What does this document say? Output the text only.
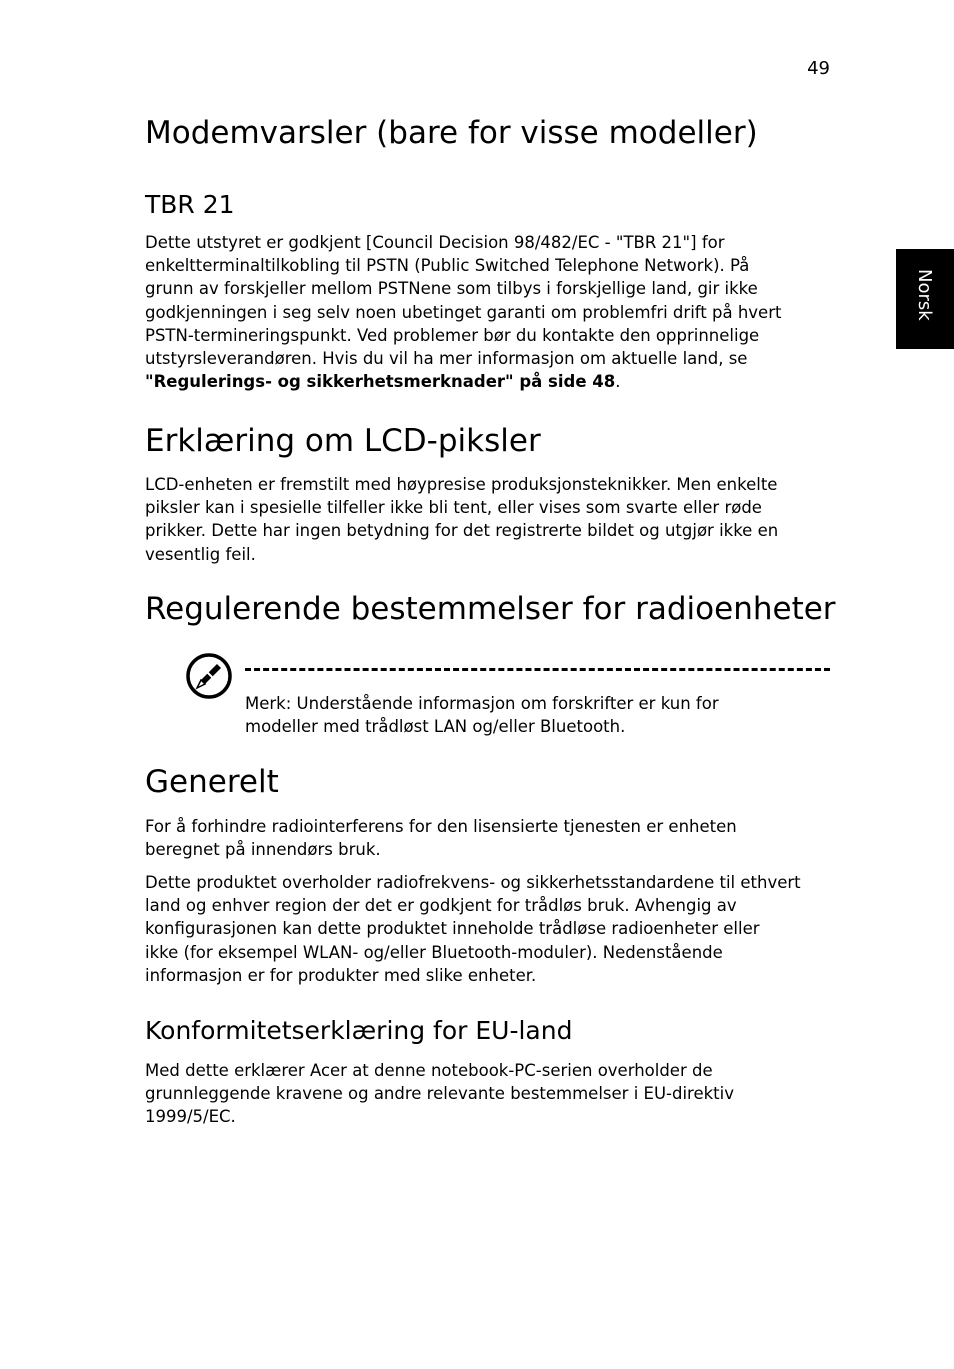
49
Norsk
Modemvarsler (bare for visse modeller)
TBR 21

Dette utstyret er godkjent [Council Decision 98/482/EC - "TBR 21"] for
enkeltterminaltilkobling til PSTN (Public Switched Telephone Network). På
grunn av forskjeller mellom PSTNene som tilbys i forskjellige land, gir ikke
godkjenningen i seg selv noen ubetinget garanti om problemfri drift på hvert
PSTN-termineringspunkt. Ved problemer bør du kontakte den opprinnelige
utstyrsleverandøren. Hvis du vil ha mer informasjon om aktuelle land, se
"Regulerings- og sikkerhetsmerknader" på side 48.

Erklæring om LCD-piksler

LCD-enheten er fremstilt med høypresise produksjonsteknikker. Men enkelte
piksler kan i spesielle tilfeller ikke bli tent, eller vises som svarte eller røde
prikker. Dette har ingen betydning for det registrerte bildet og utgjør ikke en
vesentlig feil.

Regulerende bestemmelser for radioenheter
Generelt

For å forhindre radiointerferens for den lisensierte tjenesten er enheten
beregnet på innendørs bruk.

Dette produktet overholder radiofrekvens- og sikkerhetsstandardene til ethvert
land og enhver region der det er godkjent for trådløs bruk. Avhengig av
konfigurasjonen kan dette produktet inneholde trådløse radioenheter eller
ikke (for eksempel WLAN- og/eller Bluetooth-moduler). Nedenstående
informasjon er for produkter med slike enheter.

Konformitetserklæring for EU-land

Med dette erklærer Acer at denne notebook-PC-serien overholder de
grunnleggende kravene og andre relevante bestemmelser i EU-direktiv
1999/5/EC.

Merk: Understående informasjon om forskrifter er kun for
modeller med trådløst LAN og/eller Bluetooth.
